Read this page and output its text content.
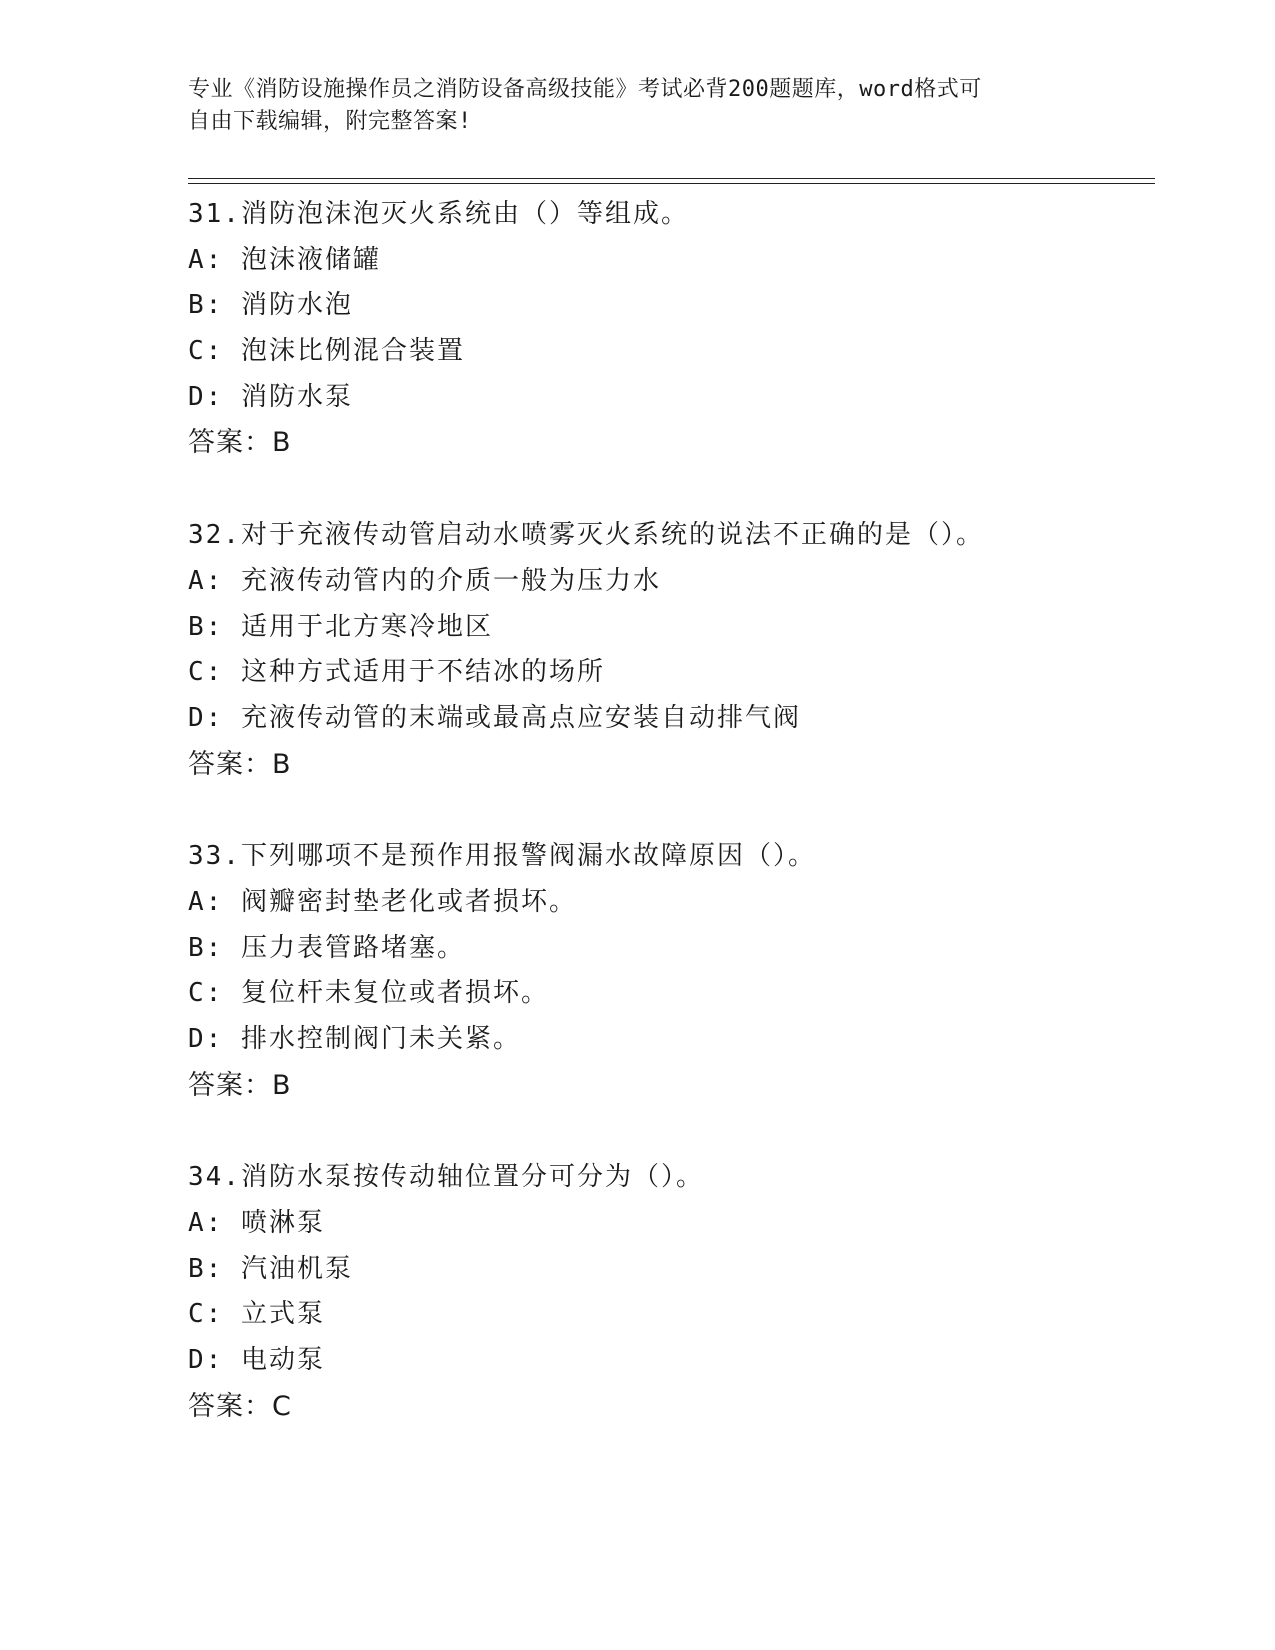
专业《消防设施操作员之消防设备高级技能》考试必背200题题库，word格式可
自由下载编辑，附完整答案!
31.消防泡沫泡灭火系统由（）等组成。
A: 泡沫液储罐
B: 消防水泡
C: 泡沫比例混合装置
D: 消防水泵
答案：B
32.对于充液传动管启动水喷雾灭火系统的说法不正确的是（）。
A: 充液传动管内的介质一般为压力水
B: 适用于北方寒冷地区
C: 这种方式适用于不结冰的场所
D: 充液传动管的末端或最高点应安装自动排气阀
答案：B
33.下列哪项不是预作用报警阀漏水故障原因（）。
A: 阀瓣密封垫老化或者损坏。
B: 压力表管路堵塞。
C: 复位杆未复位或者损坏。
D: 排水控制阀门未关紧。
答案：B
34.消防水泵按传动轴位置分可分为（）。
A: 喷淋泵
B: 汽油机泵
C: 立式泵
D: 电动泵
答案：C
